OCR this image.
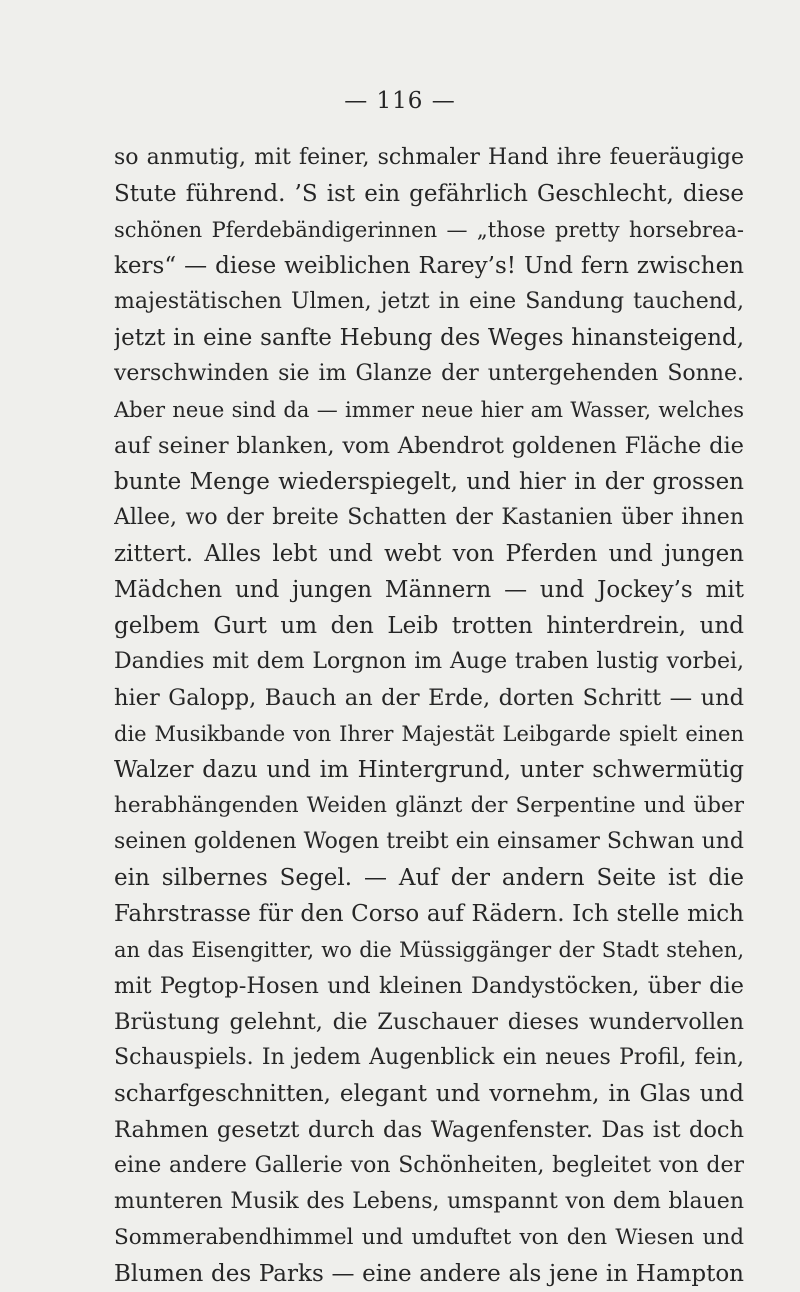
— 116 —
so anmutig, mit feiner, schmaler Hand ihre feueräugige
Stute führend. ’S ist ein gefährlich Geschlecht, diese
schönen Pferdebändigerinnen — „those pretty horsebrea-
kers“ — diese weiblichen Rarey’s! Und fern zwischen
majestätischen Ulmen, jetzt in eine Sandung tauchend,
jetzt in eine sanfte Hebung des Weges hinansteigend,
verschwinden sie im Glanze der untergehenden Sonne.
Aber neue sind da — immer neue hier am Wasser, welches
auf seiner blanken, vom Abendrot goldenen Fläche die
bunte Menge wiederspiegelt, und hier in der grossen
Allee, wo der breite Schatten der Kastanien über ihnen
zittert. Alles lebt und webt von Pferden und jungen
Mädchen und jungen Männern — und Jockey’s mit
gelbem Gurt um den Leib trotten hinterdrein, und
Dandies mit dem Lorgnon im Auge traben lustig vorbei,
hier Galopp, Bauch an der Erde, dorten Schritt — und
die Musikbande von Ihrer Majestät Leibgarde spielt einen
Walzer dazu und im Hintergrund, unter schwermütig
herabhängenden Weiden glänzt der Serpentine und über
seinen goldenen Wogen treibt ein einsamer Schwan und
ein silbernes Segel. — Auf der andern Seite ist die
Fahrstrasse für den Corso auf Rädern. Ich stelle mich
an das Eisengitter, wo die Müssiggänger der Stadt stehen,
mit Pegtop-Hosen und kleinen Dandystöcken, über die
Brüstung gelehnt, die Zuschauer dieses wundervollen
Schauspiels. In jedem Augenblick ein neues Profil, fein,
scharfgeschnitten, elegant und vornehm, in Glas und
Rahmen gesetzt durch das Wagenfenster. Das ist doch
eine andere Gallerie von Schönheiten, begleitet von der
munteren Musik des Lebens, umspannt von dem blauen
Sommerabendhimmel und umduftet von den Wiesen und
Blumen des Parks — eine andere als jene in Hampton
